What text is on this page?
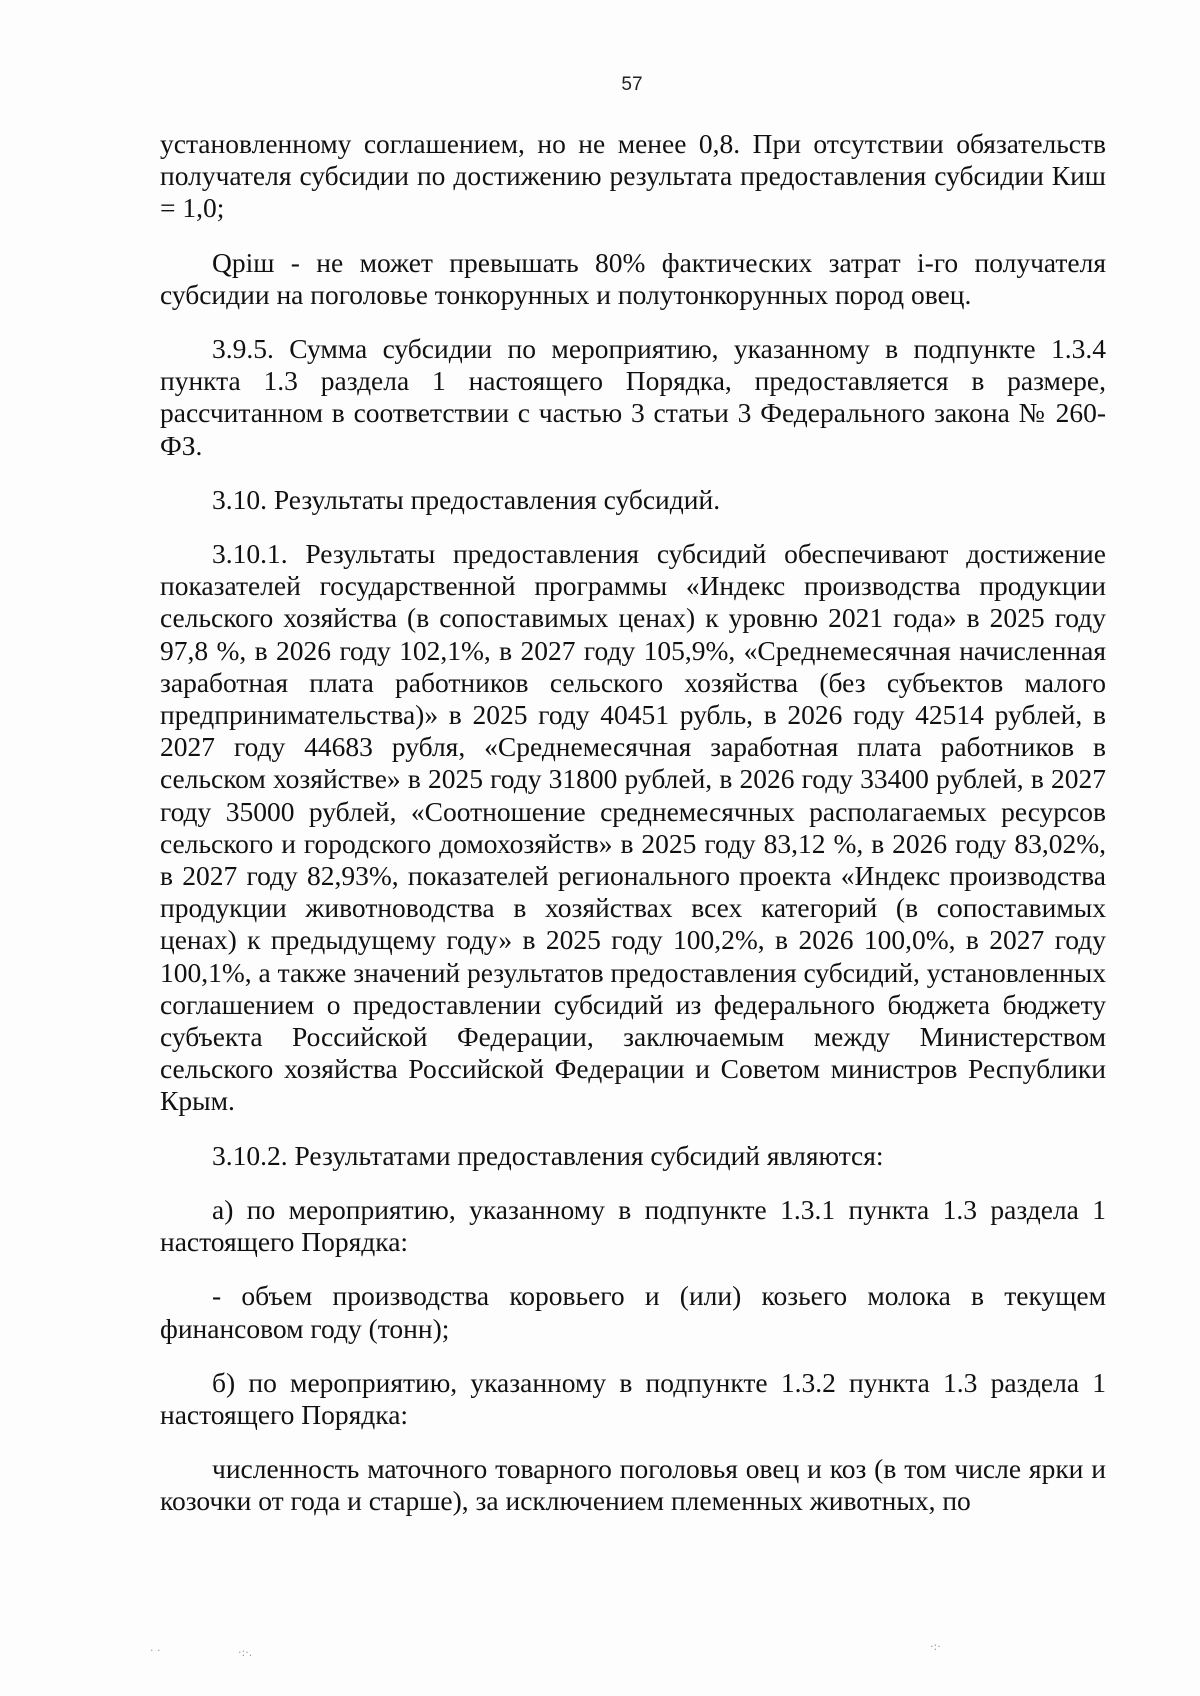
57

установленному соглашением, но не менее 0,8. При отсутствии обязательств получателя субсидии по достижению результата предоставления субсидии Киш = 1,0;

Qріш - не может превышать 80% фактических затрат і-го получателя субсидии на поголовье тонкорунных и полутонкорунных пород овец.

3.9.5. Сумма субсидии по мероприятию, указанному в подпункте 1.3.4 пункта 1.3 раздела 1 настоящего Порядка, предоставляется в размере, рассчитанном в соответствии с частью 3 статьи 3 Федерального закона № 260-ФЗ.

3.10. Результаты предоставления субсидий.

3.10.1. Результаты предоставления субсидий обеспечивают достижение показателей государственной программы «Индекс производства продукции сельского хозяйства (в сопоставимых ценах) к уровню 2021 года» в 2025 году 97,8 %, в 2026 году 102,1%, в 2027 году 105,9%, «Среднемесячная начисленная заработная плата работников сельского хозяйства (без субъектов малого предпринимательства)» в 2025 году 40451 рубль, в 2026 году 42514 рублей, в 2027 году 44683 рубля, «Среднемесячная заработная плата работников в сельском хозяйстве» в 2025 году 31800 рублей, в 2026 году 33400 рублей, в 2027 году 35000 рублей, «Соотношение среднемесячных располагаемых ресурсов сельского и городского домохозяйств» в 2025 году 83,12 %, в 2026 году 83,02%, в 2027 году 82,93%, показателей регионального проекта «Индекс производства продукции животноводства в хозяйствах всех категорий (в сопоставимых ценах) к предыдущему году» в 2025 году 100,2%, в 2026 100,0%, в 2027 году 100,1%, а также значений результатов предоставления субсидий, установленных соглашением о предоставлении субсидий из федерального бюджета бюджету субъекта Российской Федерации, заключаемым между Министерством сельского хозяйства Российской Федерации и Советом министров Республики Крым.

3.10.2. Результатами предоставления субсидий являются:

а) по мероприятию, указанному в подпункте 1.3.1 пункта 1.3 раздела 1 настоящего Порядка:

- объем производства коровьего и (или) козьего молока в текущем финансовом году (тонн);

б) по мероприятию, указанному в подпункте 1.3.2 пункта 1.3 раздела 1 настоящего Порядка:

численность маточного товарного поголовья овец и коз (в том числе ярки и козочки от года и старше), за исключением племенных животных, по

· ·	·:·.	·:·
